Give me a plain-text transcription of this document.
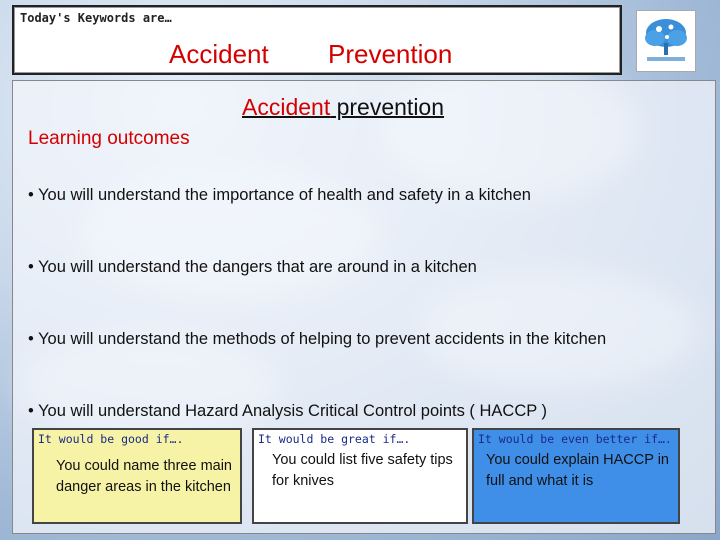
Today's Keywords are…
Accident Prevention
Accident prevention
Learning outcomes
• You will understand the importance of health and safety in a kitchen
• You will understand the dangers that are around in a kitchen
• You will understand the methods of helping to prevent accidents in the kitchen
• You will understand Hazard Analysis Critical Control points ( HACCP )
It would be good if….
You could name three main danger areas in the kitchen
It would be great if….
You could list five safety tips for knives
It would be even better if….
You could explain HACCP in full and what it is
